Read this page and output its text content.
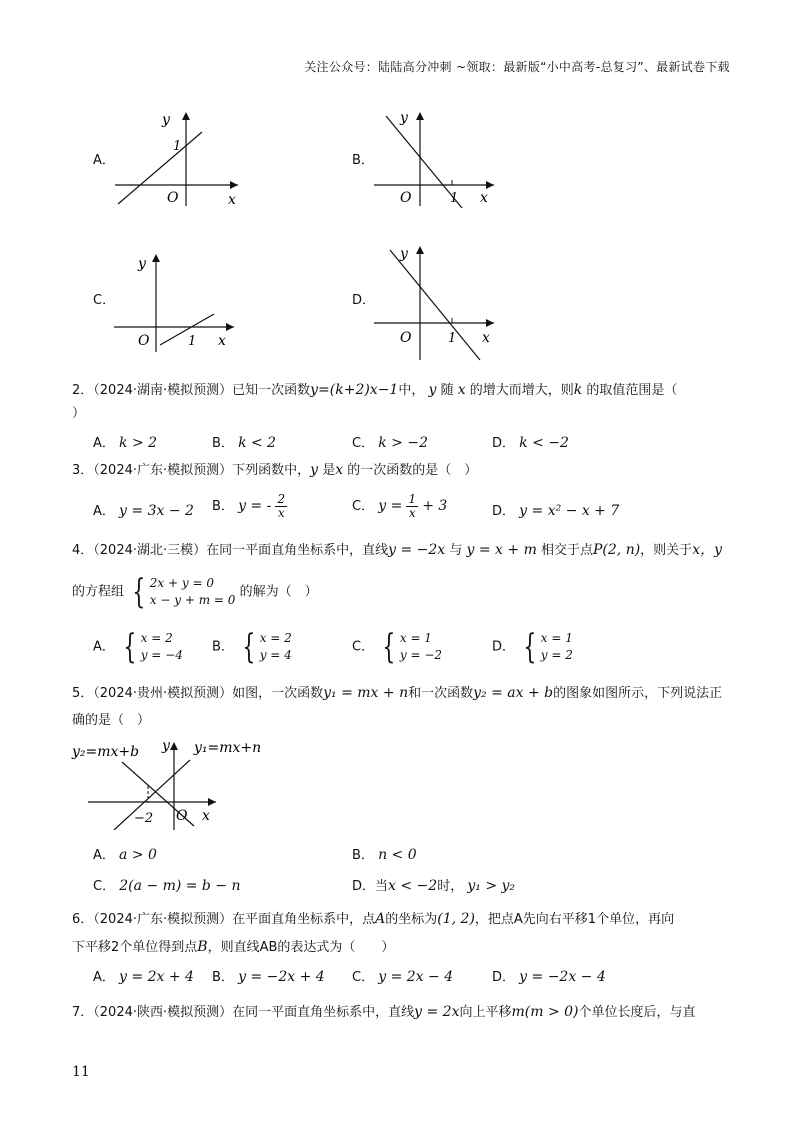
关注公众号：陆陆高分冲刺 ~领取：最新版“小中高考-总复习”、最新试卷下载
A．
y
1
O	x
B．
y
O	1 x
C．
y
O	1 x
D．
y
O	1 x
2．（2024·湖南·模拟预测）已知一次函数y=(k+2)x−1中， y 随 x 的增大而增大，则k 的取值范围是（
）
A． k > 2	B． k < 2	C． k > −2	D． k < −2
3．（2024·广东·模拟预测）下列函数中，y 是x 的一次函数的是（　）
A． y = 3x − 2 B． y = - $\frac{2}{x}$	C． $y = \frac{1}{x} + 3$	D． y = x² − x + 7
4．（2024·湖北·三模）在同一平面直角坐标系中，直线y = −2x 与 y = x + m 相交于点P(2, n)，则关于x，y
的方程组 { 2x + y = 0
x − y + m = 0 的解为（　）
A． { x = 2
y = −4
B． { x = 2
y = 4
C． { x = 1
y = −2
D． { x = 1
y = 2
5．（2024·贵州·模拟预测）如图，一次函数y₁ = mx + n和一次函数y₂ = ax + b的图象如图所示，下列说法正
确的是（　）
y₂=mx+b y y₁=mx+n
−2 O x
A． a > 0	B． n < 0
C． 2(a − m) = b − n	D．当x < −2时， y₁ > y₂
6．（2024·广东·模拟预测）在平面直角坐标系中，点A的坐标为(1, 2)，把点A先向右平移1个单位，再向
下平移2个单位得到点B，则直线AB的表达式为（　　）
A． y = 2x + 4 B． y = −2x + 4 C． y = 2x − 4	D． y = −2x − 4
7．（2024·陕西·模拟预测）在同一平面直角坐标系中，直线y = 2x向上平移m(m > 0)个单位长度后，与直
11
